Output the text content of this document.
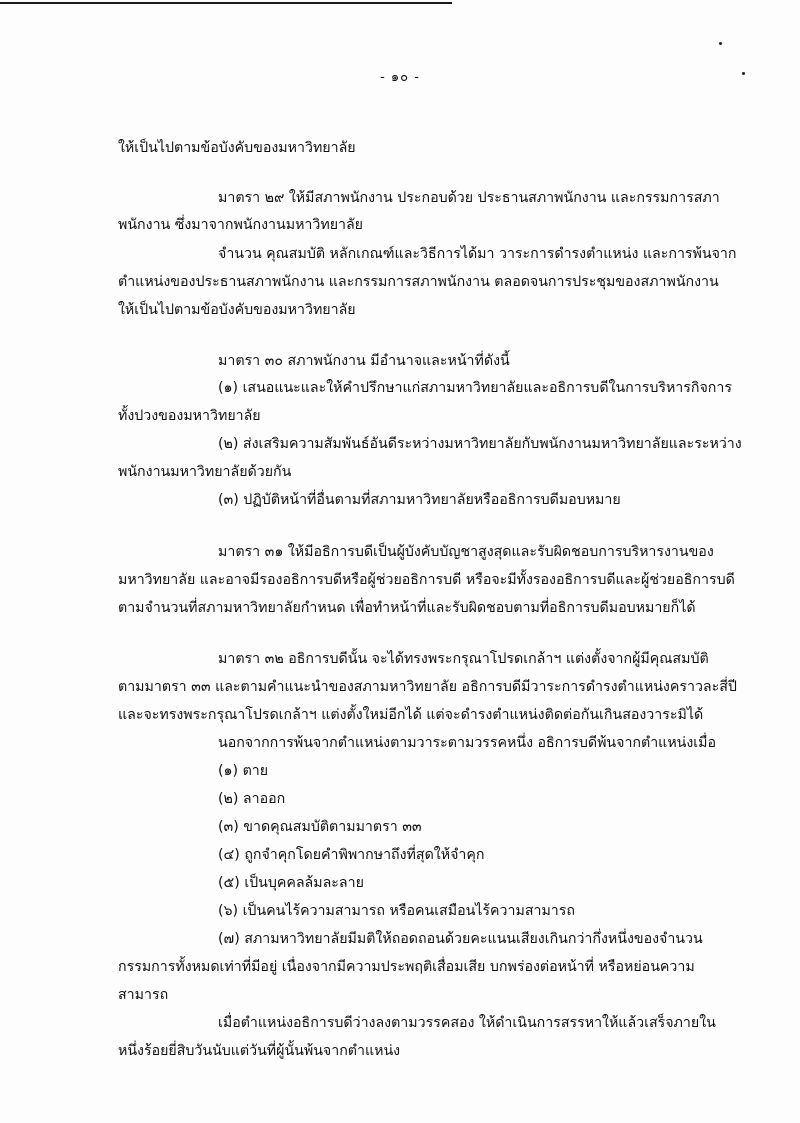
- ๑๐ -
ให้เป็นไปตามข้อบังคับของมหาวิทยาลัย
มาตรา ๒๙ ให้มีสภาพนักงาน ประกอบด้วย ประธานสภาพนักงาน และกรรมการสภา
พนักงาน ซึ่งมาจากพนักงานมหาวิทยาลัย
จำนวน คุณสมบัติ หลักเกณฑ์และวิธีการได้มา วาระการดำรงตำแหน่ง และการพ้นจาก
ตำแหน่งของประธานสภาพนักงาน และกรรมการสภาพนักงาน ตลอดจนการประชุมของสภาพนักงาน
ให้เป็นไปตามข้อบังคับของมหาวิทยาลัย
มาตรา ๓๐ สภาพนักงาน มีอำนาจและหน้าที่ดังนี้
(๑) เสนอแนะและให้คำปรึกษาแก่สภามหาวิทยาลัยและอธิการบดีในการบริหารกิจการ
ทั้งปวงของมหาวิทยาลัย
(๒) ส่งเสริมความสัมพันธ์อันดีระหว่างมหาวิทยาลัยกับพนักงานมหาวิทยาลัยและระหว่าง
พนักงานมหาวิทยาลัยด้วยกัน
(๓) ปฏิบัติหน้าที่อื่นตามที่สภามหาวิทยาลัยหรืออธิการบดีมอบหมาย
มาตรา ๓๑ ให้มีอธิการบดีเป็นผู้บังคับบัญชาสูงสุดและรับผิดชอบการบริหารงานของ
มหาวิทยาลัย และอาจมีรองอธิการบดีหรือผู้ช่วยอธิการบดี หรือจะมีทั้งรองอธิการบดีและผู้ช่วยอธิการบดี
ตามจำนวนที่สภามหาวิทยาลัยกำหนด เพื่อทำหน้าที่และรับผิดชอบตามที่อธิการบดีมอบหมายก็ได้
มาตรา ๓๒ อธิการบดีนั้น จะได้ทรงพระกรุณาโปรดเกล้าฯ แต่งตั้งจากผู้มีคุณสมบัติ
ตามมาตรา ๓๓ และตามคำแนะนำของสภามหาวิทยาลัย อธิการบดีมีวาระการดำรงตำแหน่งคราวละสี่ปี
และจะทรงพระกรุณาโปรดเกล้าฯ แต่งตั้งใหม่อีกได้ แต่จะดำรงตำแหน่งติดต่อกันเกินสองวาระมิได้
นอกจากการพ้นจากตำแหน่งตามวาระตามวรรคหนึ่ง อธิการบดีพ้นจากตำแหน่งเมื่อ
(๑) ตาย
(๒) ลาออก
(๓) ขาดคุณสมบัติตามมาตรา ๓๓
(๔) ถูกจำคุกโดยคำพิพากษาถึงที่สุดให้จำคุก
(๕) เป็นบุคคลล้มละลาย
(๖) เป็นคนไร้ความสามารถ หรือคนเสมือนไร้ความสามารถ
(๗) สภามหาวิทยาลัยมีมติให้ถอดถอนด้วยคะแนนเสียงเกินกว่ากึ่งหนึ่งของจำนวน
กรรมการทั้งหมดเท่าที่มีอยู่ เนื่องจากมีความประพฤติเสื่อมเสีย บกพร่องต่อหน้าที่ หรือหย่อนความ
สามารถ
เมื่อตำแหน่งอธิการบดีว่างลงตามวรรคสอง ให้ดำเนินการสรรหาให้แล้วเสร็จภายใน
หนึ่งร้อยยี่สิบวันนับแต่วันที่ผู้นั้นพ้นจากตำแหน่ง
